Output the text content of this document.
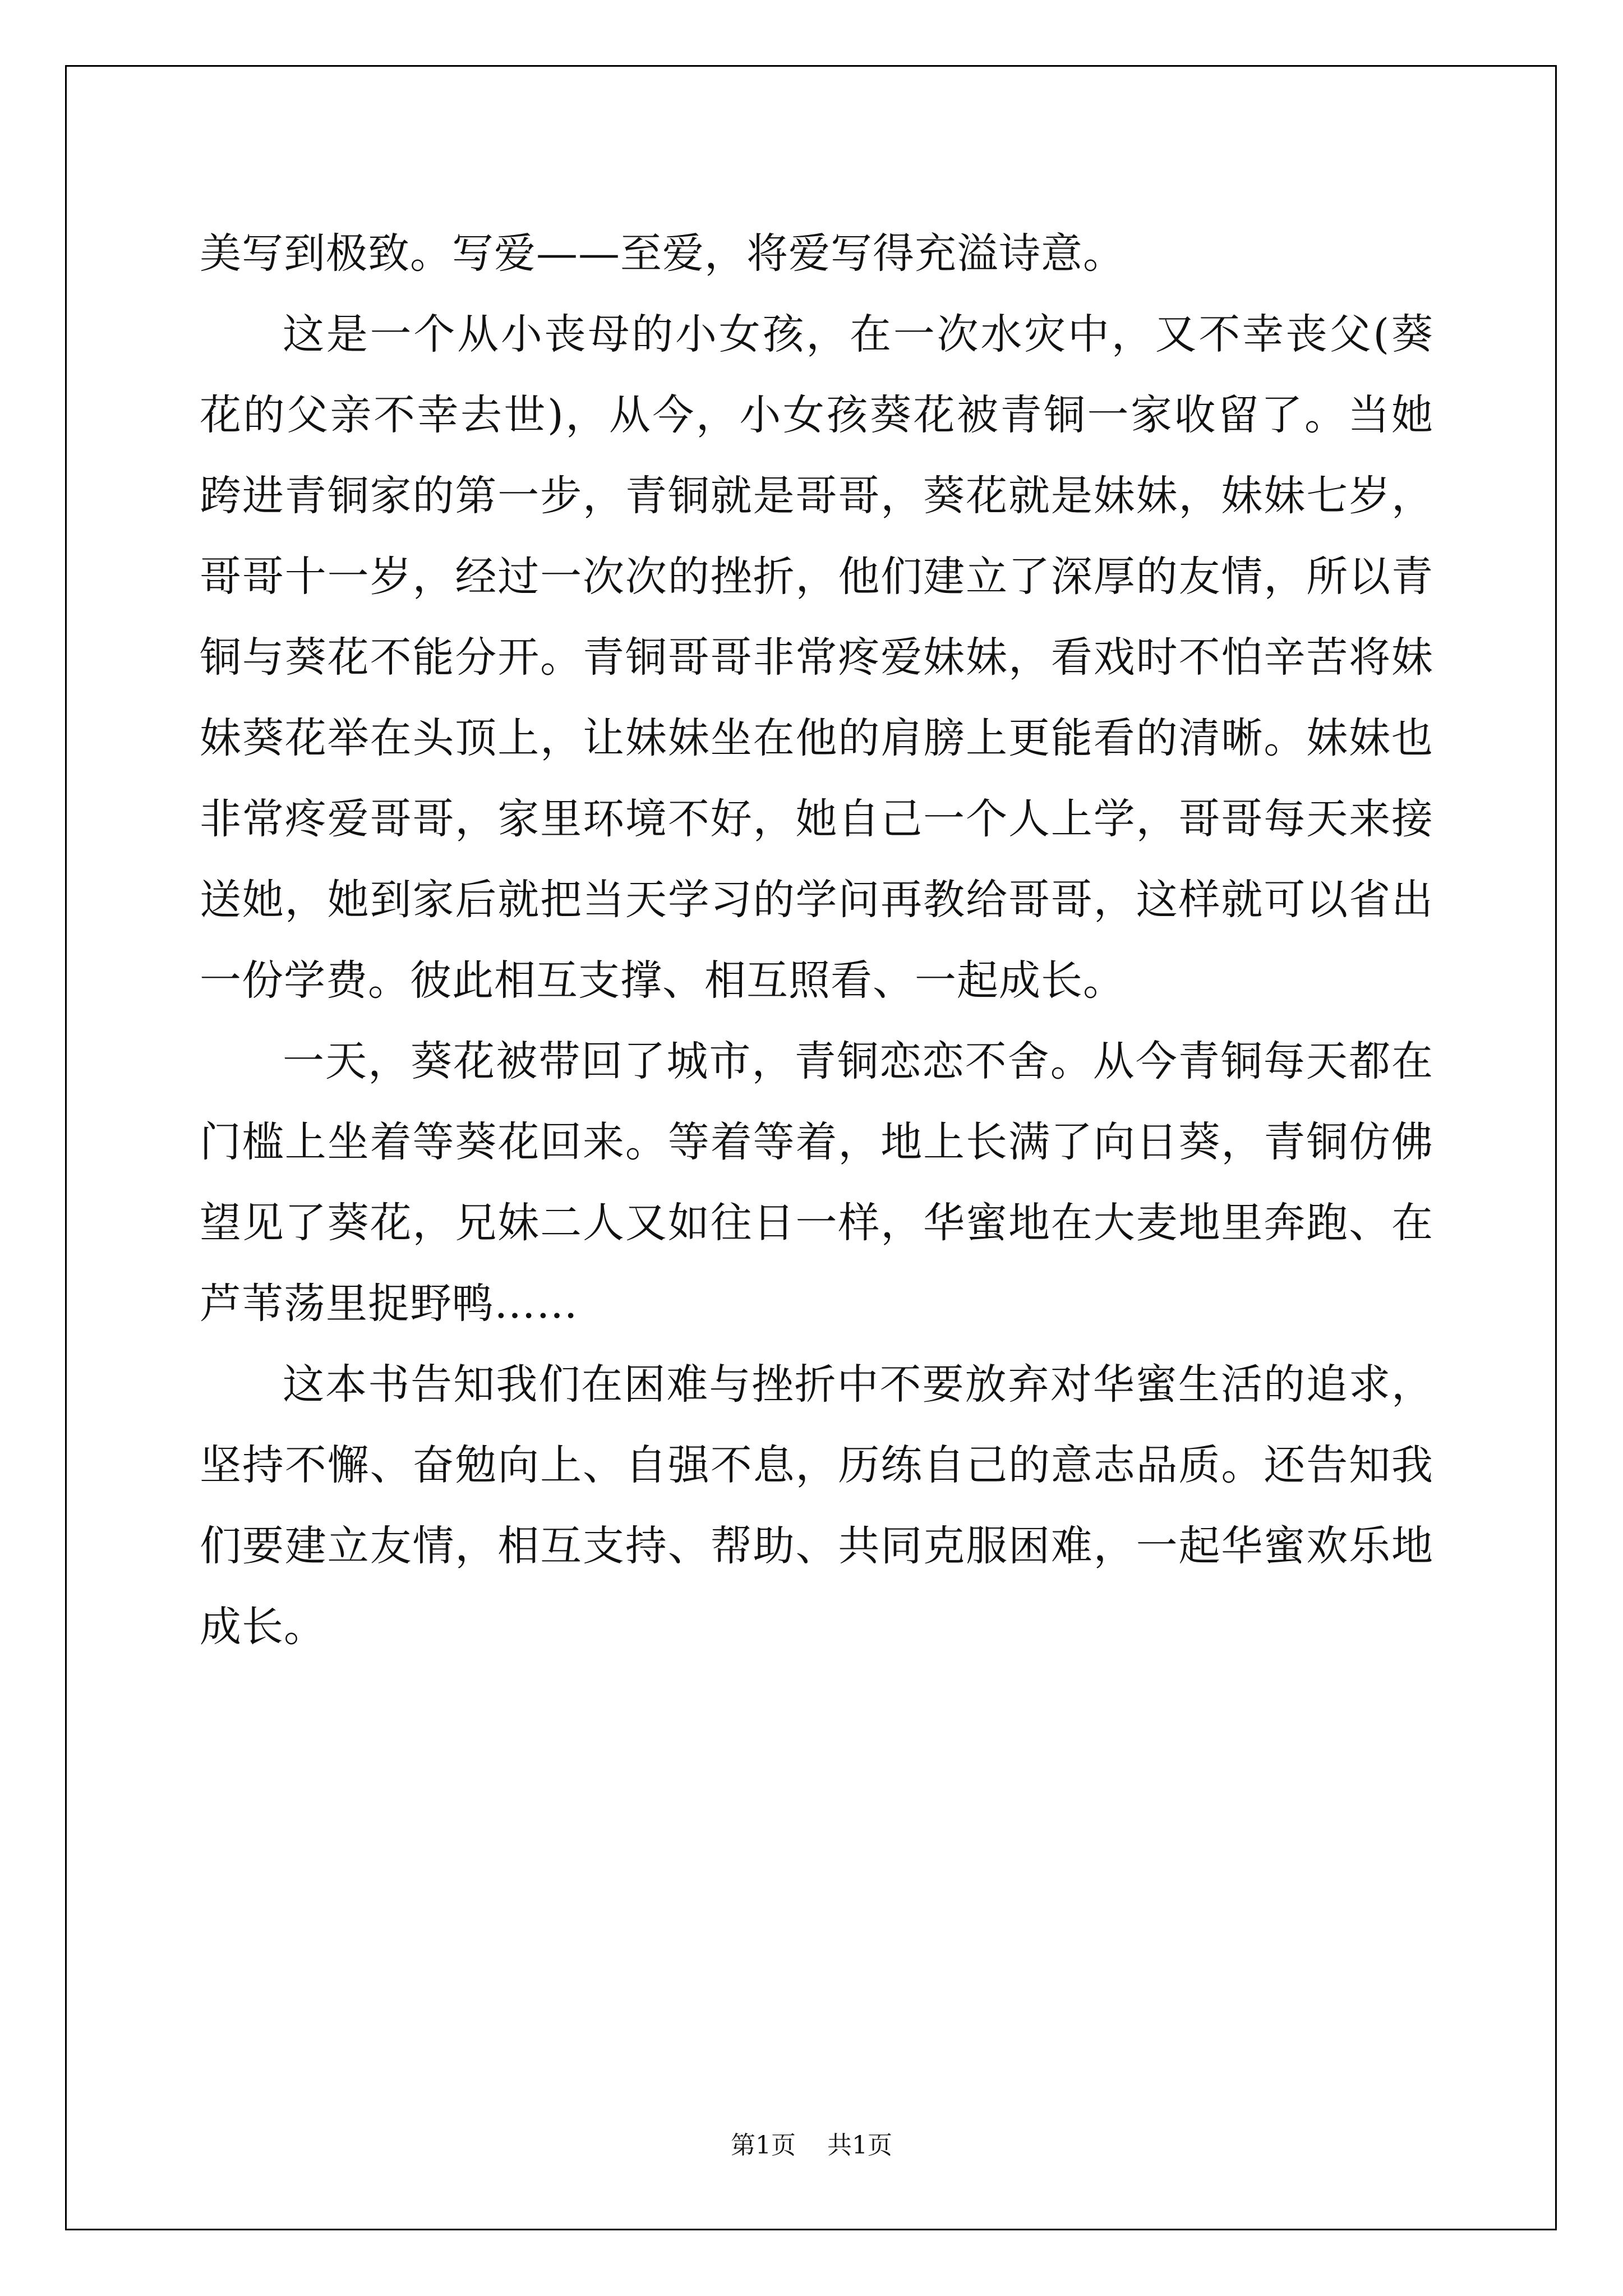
美写到极致。写爱——至爱，将爱写得充溢诗意。

这是一个从小丧母的小女孩，在一次水灾中，又不幸丧父(葵花的父亲不幸去世)，从今，小女孩葵花被青铜一家收留了。当她跨进青铜家的第一步，青铜就是哥哥，葵花就是妹妹，妹妹七岁，哥哥十一岁，经过一次次的挫折，他们建立了深厚的友情，所以青铜与葵花不能分开。青铜哥哥非常疼爱妹妹，看戏时不怕辛苦将妹妹葵花举在头顶上，让妹妹坐在他的肩膀上更能看的清晰。妹妹也非常疼爱哥哥，家里环境不好，她自己一个人上学，哥哥每天来接送她，她到家后就把当天学习的学问再教给哥哥，这样就可以省出一份学费。彼此相互支撑、相互照看、一起成长。

一天，葵花被带回了城市，青铜恋恋不舍。从今青铜每天都在门槛上坐着等葵花回来。等着等着，地上长满了向日葵，青铜仿佛望见了葵花，兄妹二人又如往日一样，华蜜地在大麦地里奔跑、在芦苇荡里捉野鸭……

这本书告知我们在困难与挫折中不要放弃对华蜜生活的追求，坚持不懈、奋勉向上、自强不息，历练自己的意志品质。还告知我们要建立友情，相互支持、帮助、共同克服困难，一起华蜜欢乐地成长。

第1页 共1页
